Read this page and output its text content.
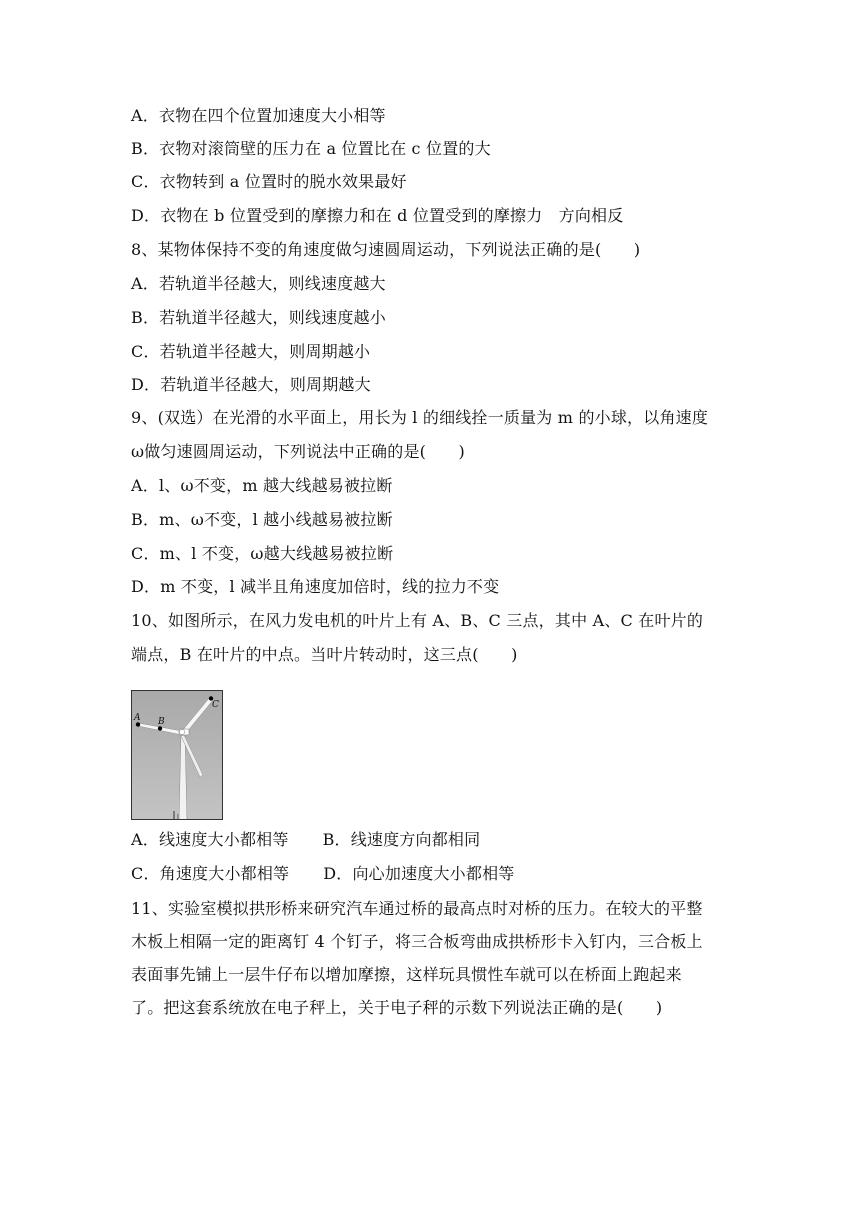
A．衣物在四个位置加速度大小相等
B．衣物对滚筒壁的压力在 a 位置比在 c 位置的大
C．衣物转到 a 位置时的脱水效果最好
D．衣物在 b 位置受到的摩擦力和在 d 位置受到的摩擦力　方向相反
8、某物体保持不变的角速度做匀速圆周运动，下列说法正确的是(　　)
A．若轨道半径越大，则线速度越大
B．若轨道半径越大，则线速度越小
C．若轨道半径越大，则周期越小
D．若轨道半径越大，则周期越大
9、(双选）在光滑的水平面上，用长为 l 的细线拴一质量为 m 的小球，以角速度
ω做匀速圆周运动，下列说法中正确的是(　　)
A．l、ω不变，m 越大线越易被拉断
B．m、ω不变，l 越小线越易被拉断
C．m、l 不变，ω越大线越易被拉断
D．m 不变，l 减半且角速度加倍时，线的拉力不变
10、如图所示，在风力发电机的叶片上有 A、B、C 三点，其中 A、C 在叶片的
端点，B 在叶片的中点。当叶片转动时，这三点(　　)
A B
C
A．线速度大小都相等 B．线速度方向都相同
C．角速度大小都相等 D．向心加速度大小都相等
11、实验室模拟拱形桥来研究汽车通过桥的最高点时对桥的压力。在较大的平整
木板上相隔一定的距离钉 4 个钉子，将三合板弯曲成拱桥形卡入钉内，三合板上
表面事先铺上一层牛仔布以增加摩擦，这样玩具惯性车就可以在桥面上跑起来
了。把这套系统放在电子秤上，关于电子秤的示数下列说法正确的是(　　)
